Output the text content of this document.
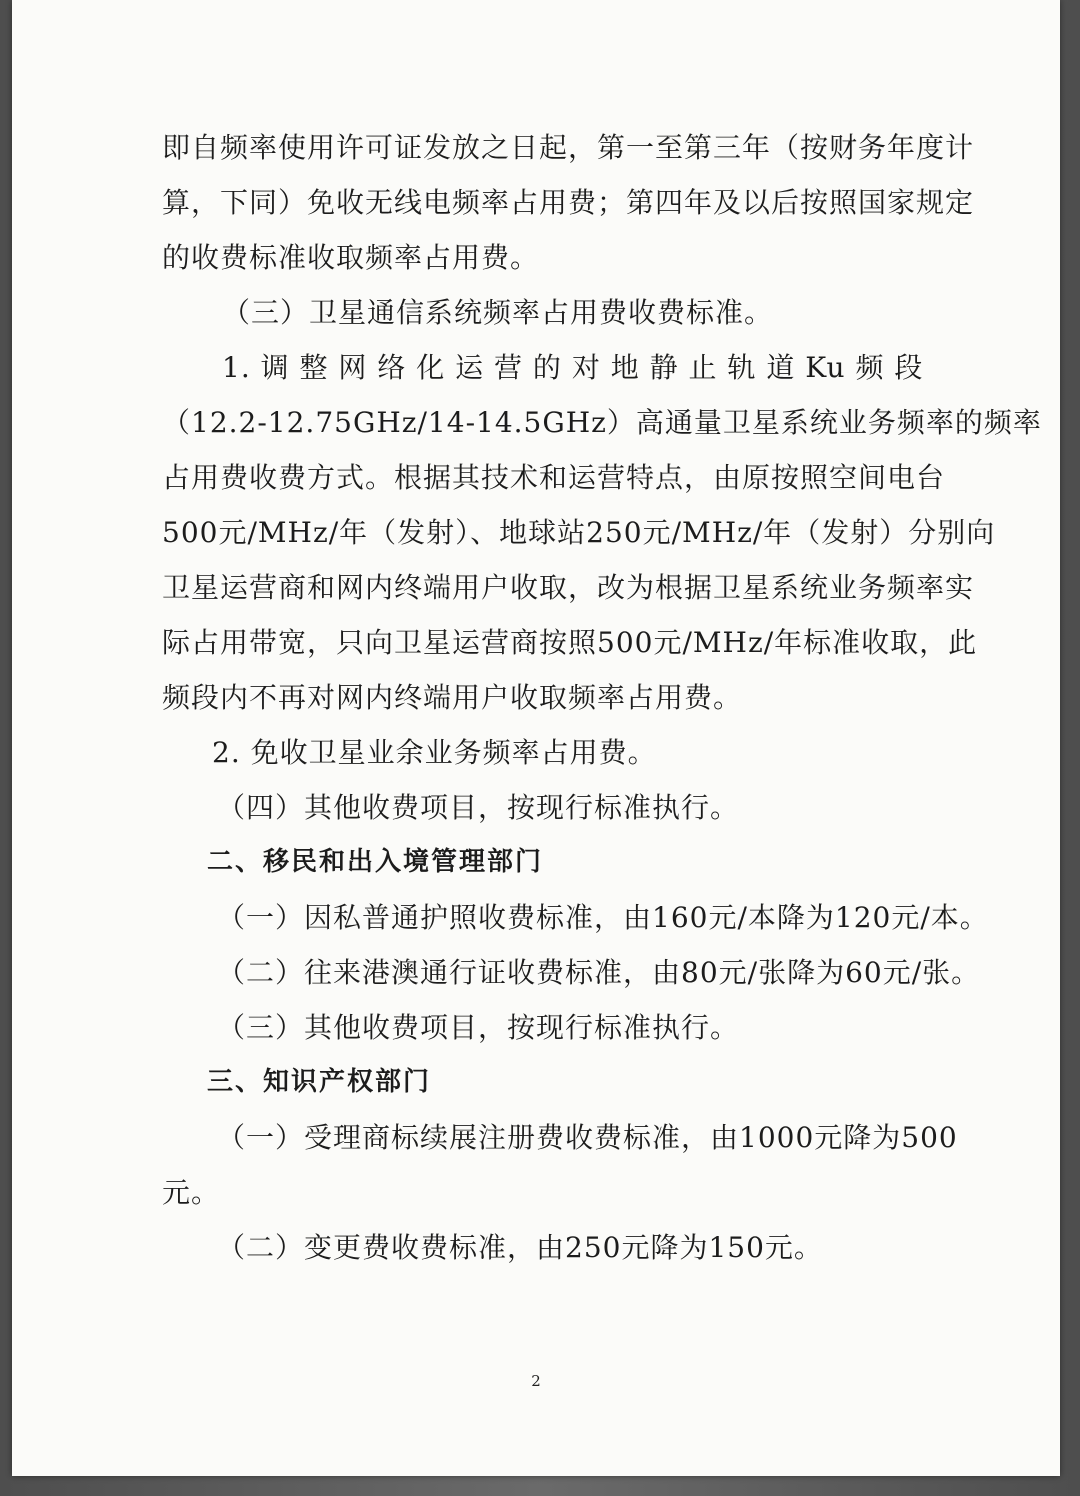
即自频率使用许可证发放之日起，第一至第三年（按财务年度计
算，下同）免收无线电频率占用费；第四年及以后按照国家规定
的收费标准收取频率占用费。
（三）卫星通信系统频率占用费收费标准。
1. 调 整 网 络 化 运 营 的 对 地 静 止 轨 道 Ku 频 段
（12.2-12.75GHz/14-14.5GHz）高通量卫星系统业务频率的频率
占用费收费方式。根据其技术和运营特点，由原按照空间电台
500元/MHz/年（发射）、地球站250元/MHz/年（发射）分别向
卫星运营商和网内终端用户收取，改为根据卫星系统业务频率实
际占用带宽，只向卫星运营商按照500元/MHz/年标准收取，此
频段内不再对网内终端用户收取频率占用费。
2. 免收卫星业余业务频率占用费。
（四）其他收费项目，按现行标准执行。
二、移民和出入境管理部门
（一）因私普通护照收费标准，由160元/本降为120元/本。
（二）往来港澳通行证收费标准，由80元/张降为60元/张。
（三）其他收费项目，按现行标准执行。
三、知识产权部门
（一）受理商标续展注册费收费标准，由1000元降为500
元。
（二）变更费收费标准，由250元降为150元。
2
